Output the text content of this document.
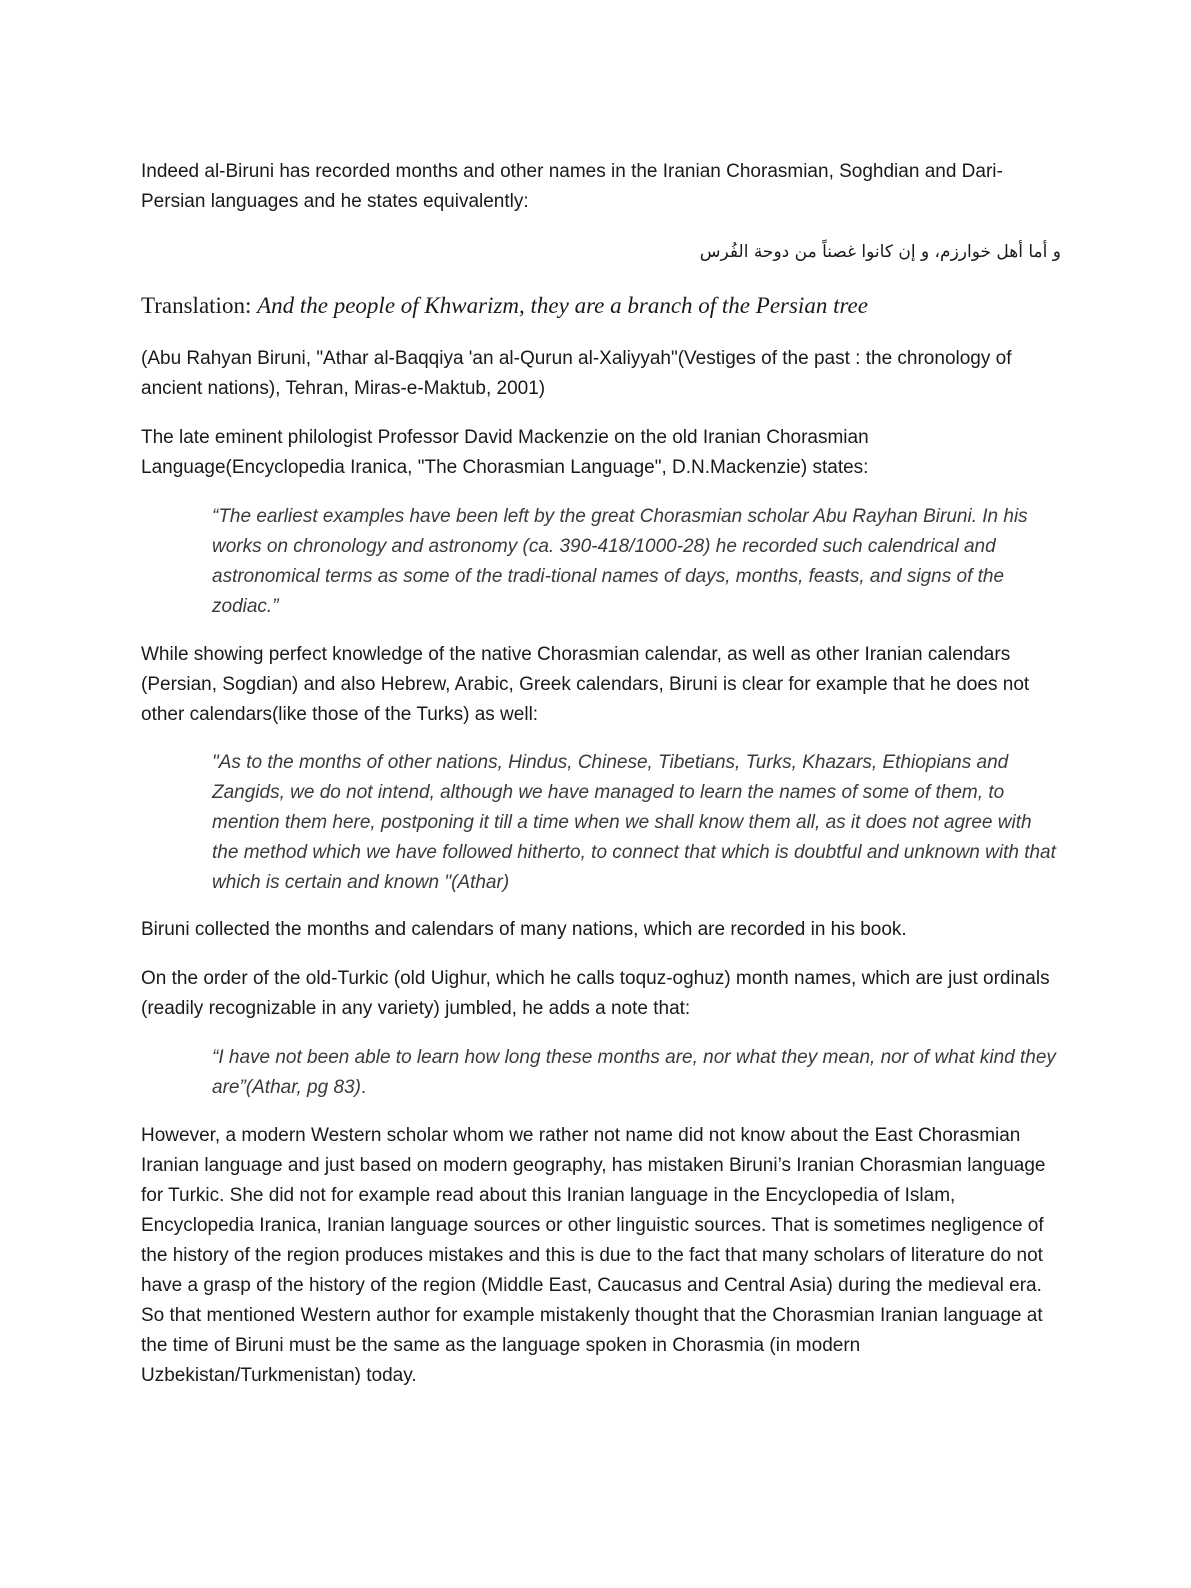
Indeed al-Biruni has recorded months and other names in the Iranian Chorasmian, Soghdian and Dari-Persian languages and he states equivalently:

و أما أهل خوارزم، و إن كانوا غصناً من دوحة الفُرس

Translation: And the people of Khwarizm, they are a branch of the Persian tree

(Abu Rahyan Biruni, "Athar al-Baqqiya 'an al-Qurun al-Xaliyyah"(Vestiges of the past : the chronology of ancient nations), Tehran, Miras-e-Maktub, 2001)

The late eminent philologist Professor David Mackenzie on the old Iranian Chorasmian Language(Encyclopedia Iranica, "The Chorasmian Language", D.N.Mackenzie) states:

“The earliest examples have been left by the great Chorasmian scholar Abu Rayhan Biruni. In his works on chronology and astronomy (ca. 390-418/1000-28) he recorded such calendrical and astronomical terms as some of the tradi-tional names of days, months, feasts, and signs of the zodiac.”

While showing perfect knowledge of the native Chorasmian calendar, as well as other Iranian calendars (Persian, Sogdian) and also Hebrew, Arabic, Greek calendars, Biruni is clear for example that he does not other calendars(like those of the Turks) as well:

"As to the months of other nations, Hindus, Chinese, Tibetians, Turks, Khazars, Ethiopians and Zangids, we do not intend, although we have managed to learn the names of some of them, to mention them here, postponing it till a time when we shall know them all, as it does not agree with the method which we have followed hitherto, to connect that which is doubtful and unknown with that which is certain and known "(Athar)

Biruni collected the months and calendars of many nations, which are recorded in his book.

On the order of the old-Turkic (old Uighur, which he calls toquz-oghuz) month names, which are just ordinals (readily recognizable in any variety) jumbled, he adds a note that:

“I have not been able to learn how long these months are, nor what they mean, nor of what kind they are”(Athar, pg 83).

However, a modern Western scholar whom we rather not name did not know about the East Chorasmian Iranian language and just based on modern geography, has mistaken Biruni’s Iranian Chorasmian language for Turkic. She did not for example read about this Iranian language in the Encyclopedia of Islam, Encyclopedia Iranica, Iranian language sources or other linguistic sources. That is sometimes negligence of the history of the region produces mistakes and this is due to the fact that many scholars of literature do not have a grasp of the history of the region (Middle East, Caucasus and Central Asia) during the medieval era. So that mentioned Western author for example mistakenly thought that the Chorasmian Iranian language at the time of Biruni must be the same as the language spoken in Chorasmia (in modern Uzbekistan/Turkmenistan) today.
